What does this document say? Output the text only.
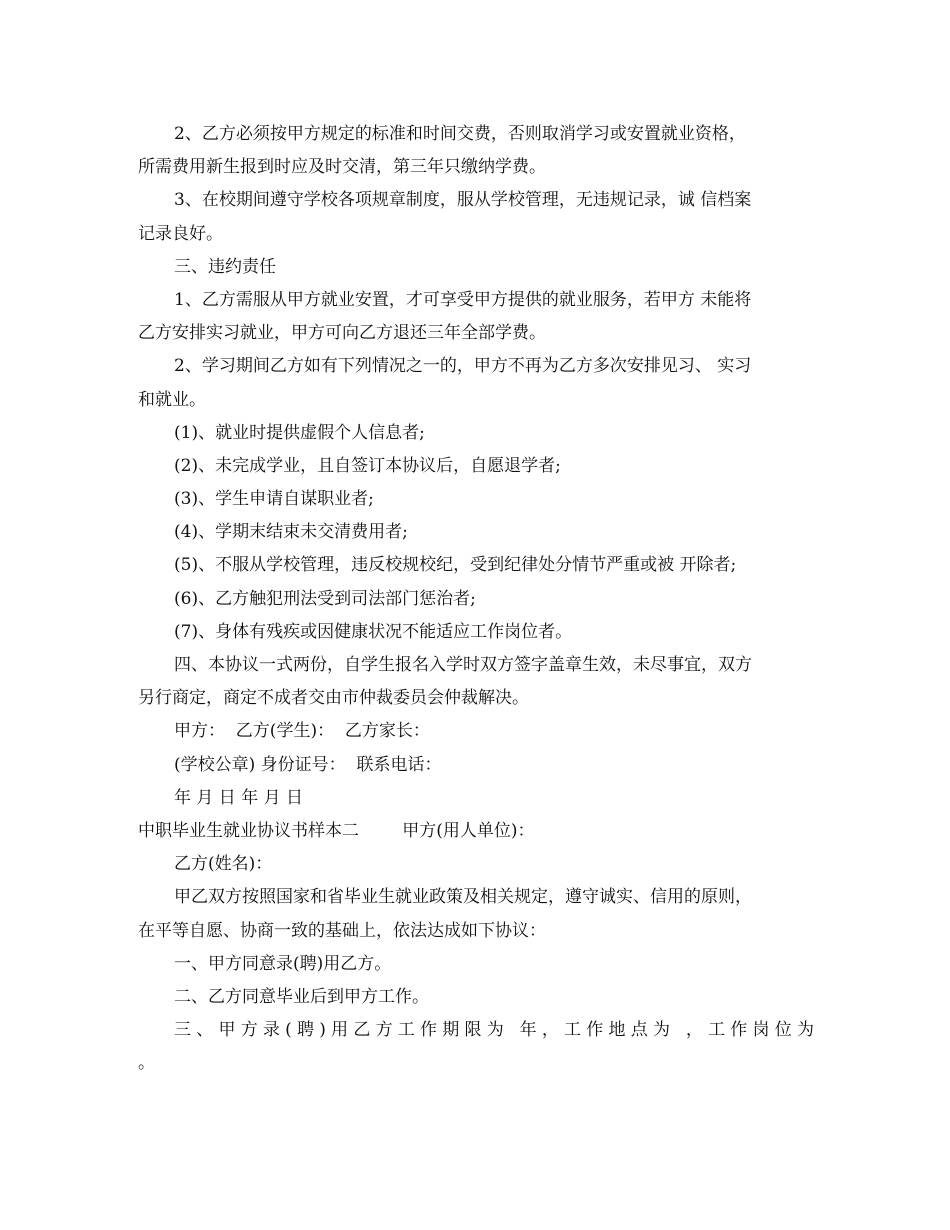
2、乙方必须按甲方规定的标准和时间交费，否则取消学习或安置就业资格，
所需费用新生报到时应及时交清，第三年只缴纳学费。
3、在校期间遵守学校各项规章制度，服从学校管理，无违规记录，诚 信档案
记录良好。
三、违约责任
1、乙方需服从甲方就业安置，才可享受甲方提供的就业服务，若甲方 未能将
乙方安排实习就业，甲方可向乙方退还三年全部学费。
2、学习期间乙方如有下列情况之一的，甲方不再为乙方多次安排见习、 实习
和就业。
(1)、就业时提供虚假个人信息者;
(2)、未完成学业，且自签订本协议后，自愿退学者;
(3)、学生申请自谋职业者;
(4)、学期末结束未交清费用者;
(5)、不服从学校管理，违反校规校纪，受到纪律处分情节严重或被 开除者;
(6)、乙方触犯刑法受到司法部门惩治者;
(7)、身体有残疾或因健康状况不能适应工作岗位者。
四、本协议一式两份，自学生报名入学时双方签字盖章生效，未尽事宜，双方
另行商定，商定不成者交由市仲裁委员会仲裁解决。
甲方：  乙方(学生)：  乙方家长：
(学校公章) 身份证号：  联系电话：
年 月 日 年 月 日
中职毕业生就业协议书样本二        甲方(用人单位)：
乙方(姓名)：
甲乙双方按照国家和省毕业生就业政策及相关规定，遵守诚实、信用的原则，
在平等自愿、协商一致的基础上，依法达成如下协议：
一、甲方同意录(聘)用乙方。
二、乙方同意毕业后到甲方工作。
三、甲方录(聘)用乙方工作期限为 年，工作地点为 ，工作岗位为
。
